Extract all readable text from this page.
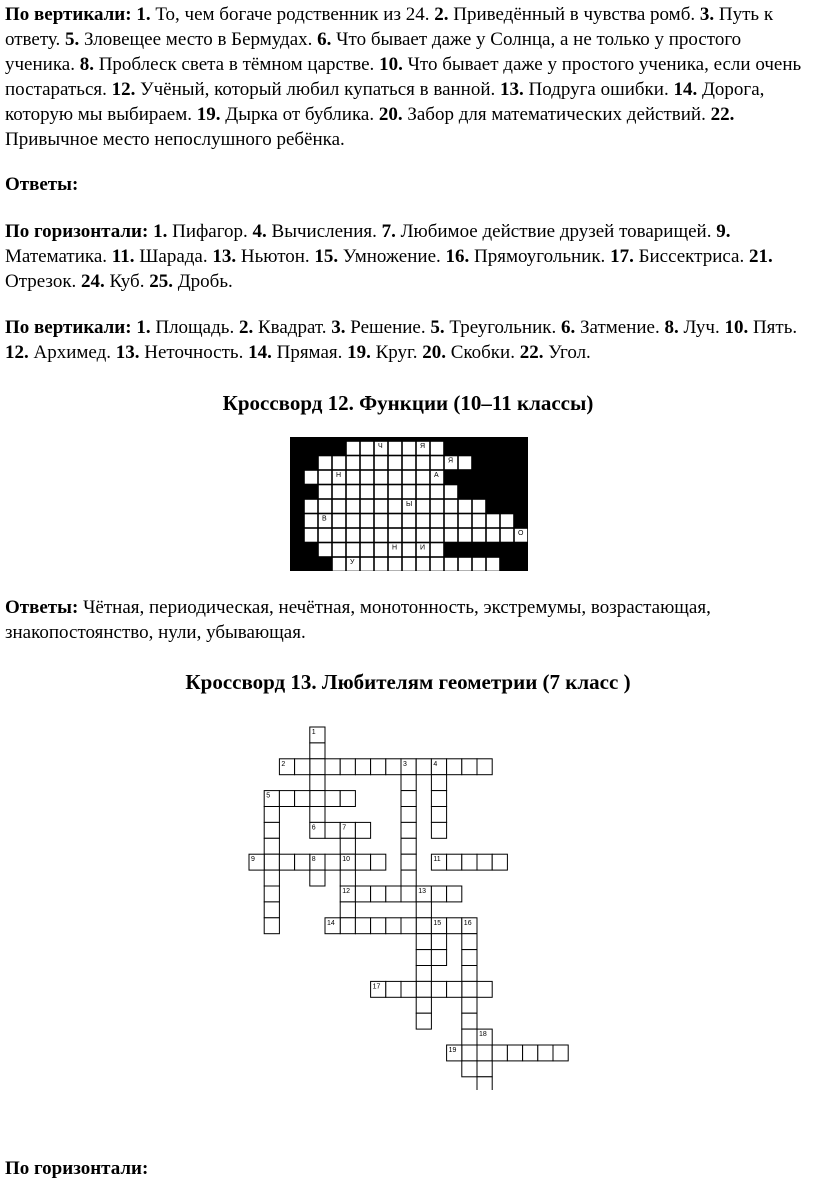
По вертикали: 1. То, чем богаче родственник из 24. 2. Приведённый в чувства ромб. 3. Путь к ответу. 5. Зловещее место в Бермудах. 6. Что бывает даже у Солнца, а не только у простого ученика. 8. Проблеск света в тёмном царстве. 10. Что бывает даже у простого ученика, если очень постараться. 12. Учёный, который любил купаться в ванной. 13. Подруга ошибки. 14. Дорога, которую мы выбираем. 19. Дырка от бублика. 20. Забор для математических действий. 22. Привычное место непослушного ребёнка.

Ответы:

По горизонтали: 1. Пифагор. 4. Вычисления. 7. Любимое действие друзей товарищей. 9. Математика. 11. Шарада. 13. Ньютон. 15. Умножение. 16. Прямоугольник. 17. Биссектриса. 21. Отрезок. 24. Куб. 25. Дробь.

По вертикали: 1. Площадь. 2. Квадрат. 3. Решение. 5. Треугольник. 6. Затмение. 8. Луч. 10. Пять. 12. Архимед. 13. Неточность. 14. Прямая. 19. Круг. 20. Скобки. 22. Угол.

Кроссворд 12. Функции (10–11 классы)
Ч	Я
П	Я
Н	А
М	Ь
Э	Ы	Я
В
Э	О
Н	И
У	Я

Ответы: Чётная, периодическая, нечётная, монотонность, экстремумы, возрастающая, знакопостоянство, нули, убывающая.

Кроссворд 13. Любителям геометрии (7 класс )
1
2	3	4
5
6	7
8
9	10	11
12	13
14	15	16
17
18
19

По горизонтали:
